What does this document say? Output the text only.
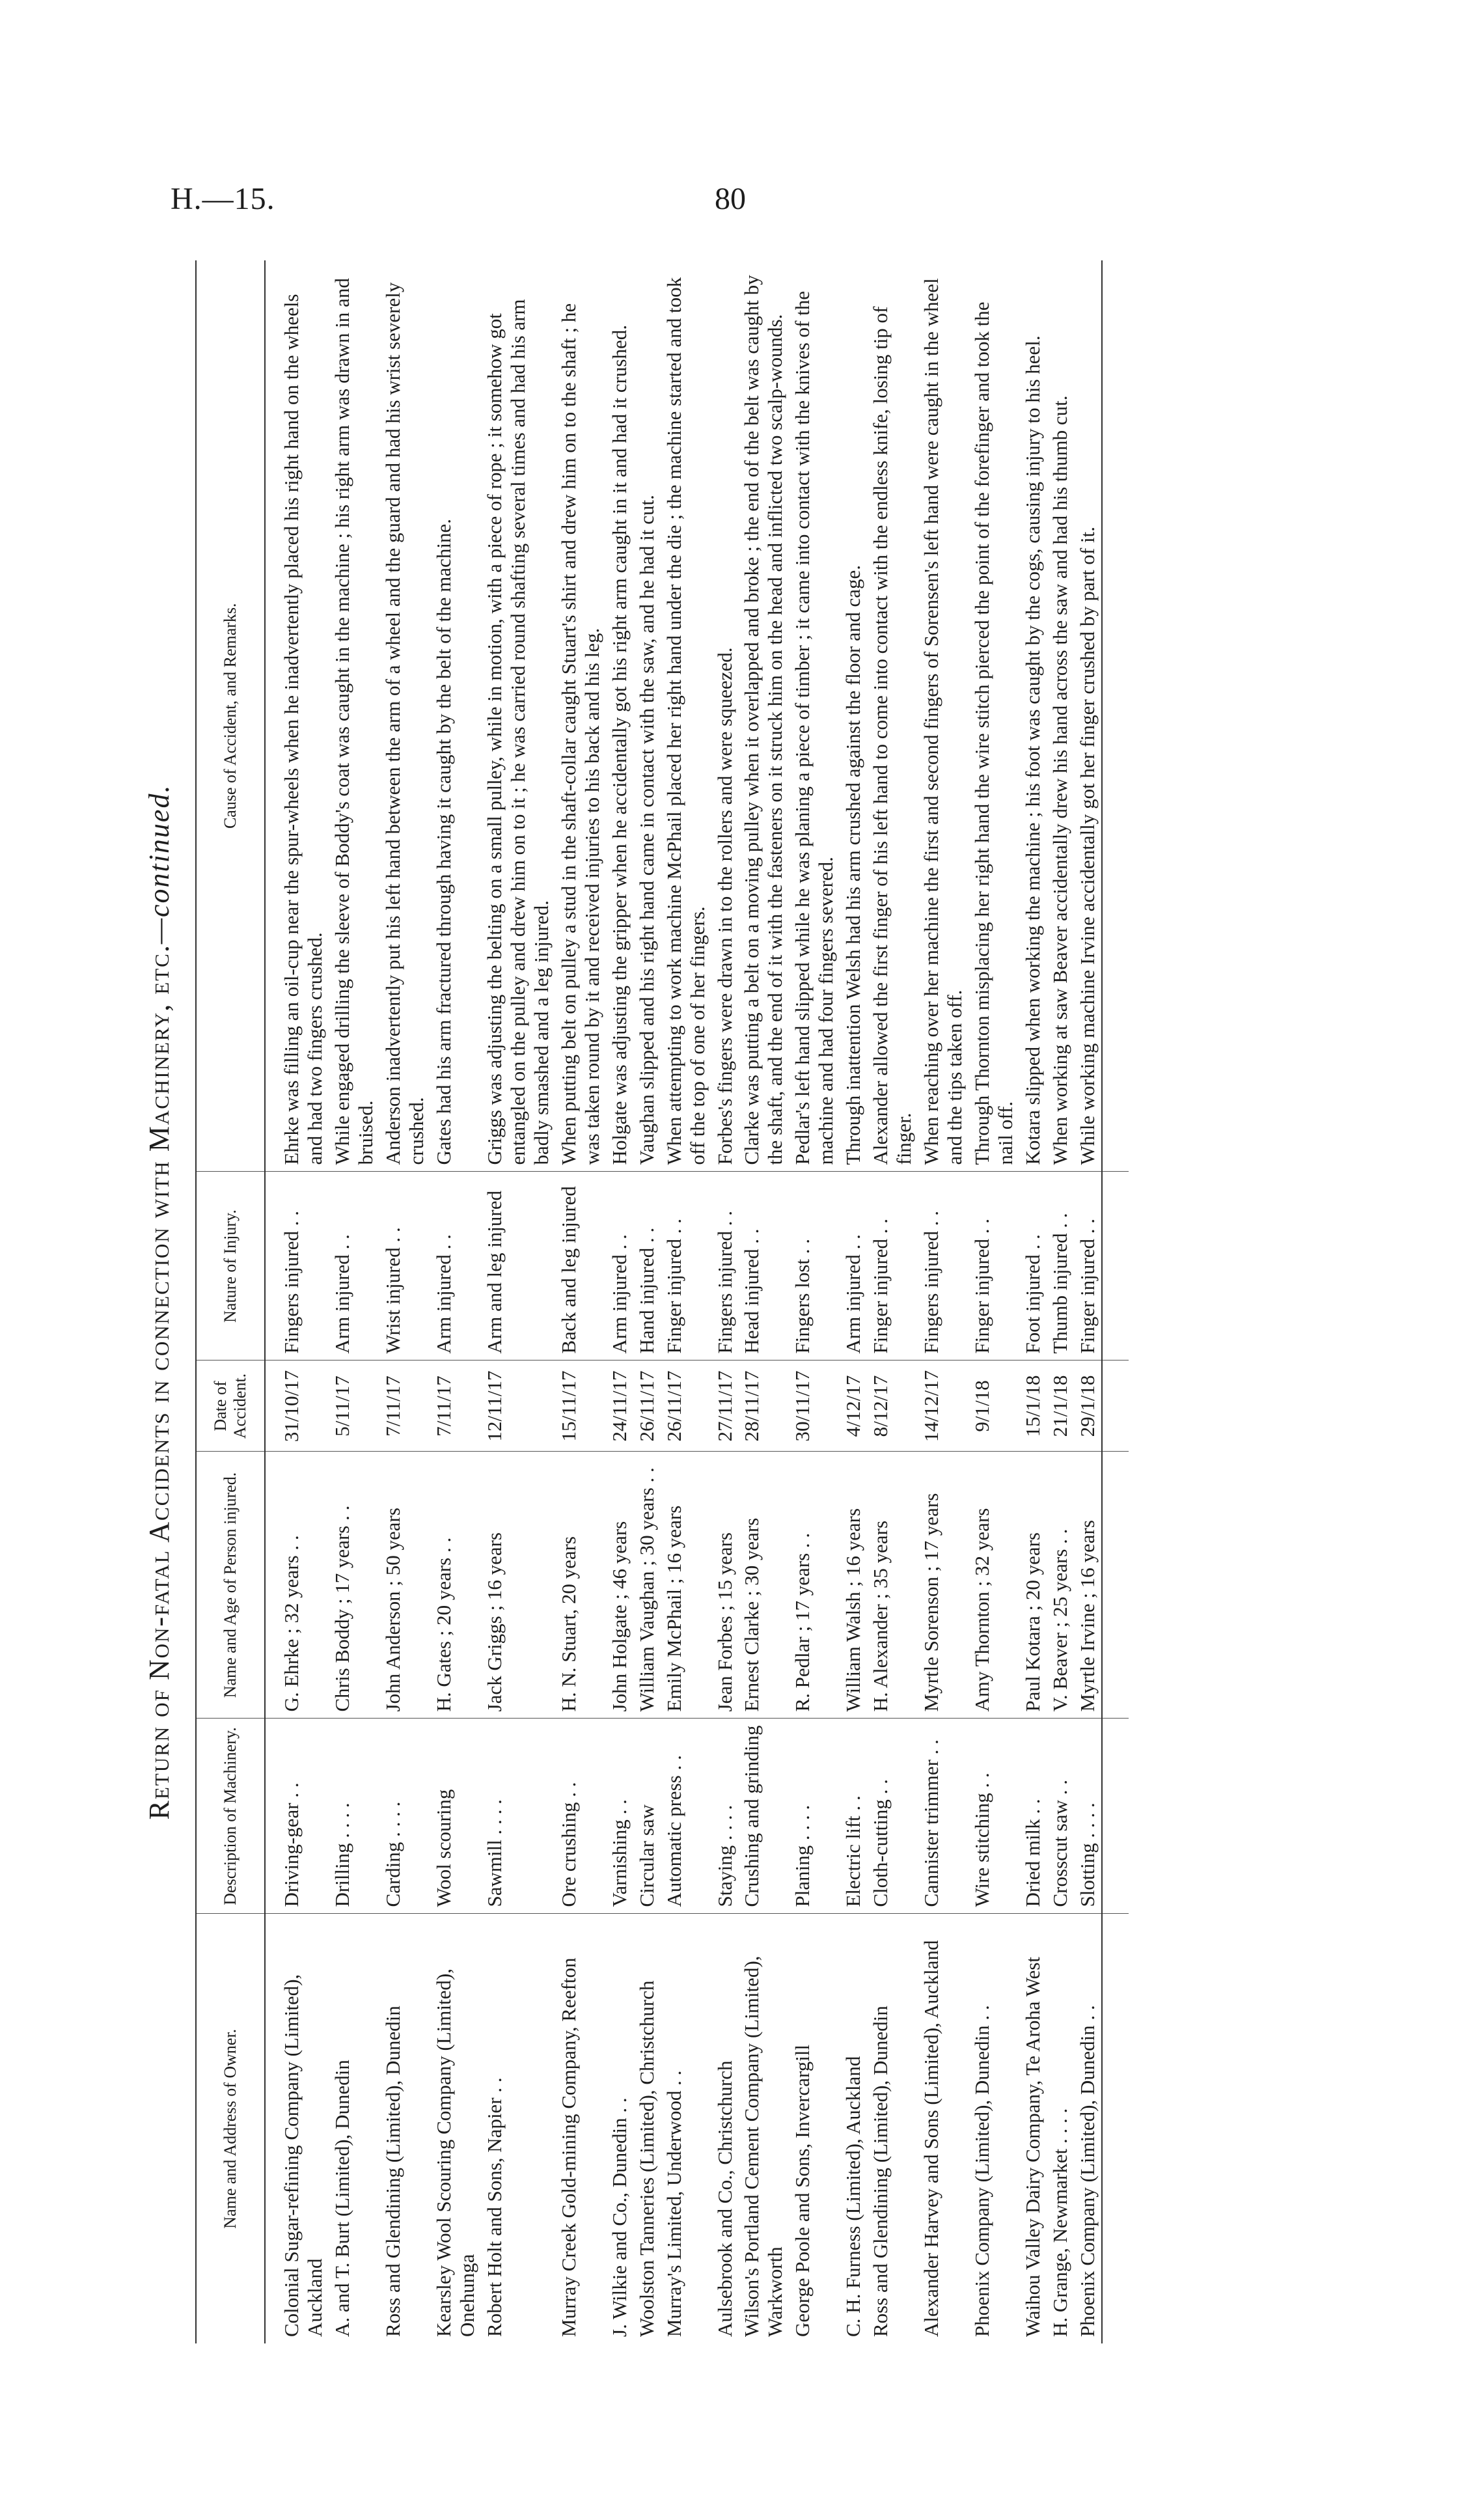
H.—15.	80
Return of Non-fatal Accidents in connection with Machinery, etc.—continued.
Name and Address of Owner.	Description of Machinery.	Name and Age of Person injured.	Date of Accident.	Nature of Injury.	Cause of Accident, and Remarks.
Colonial Sugar-refining Company (Limited), Auckland	Driving-gear . .	G. Ehrke ; 32 years . .	31/10/17	Fingers injured . .	Ehrke was filling an oil-cup near the spur-wheels when he inadvertently placed his right hand on the wheels and had two fingers crushed.
A. and T. Burt (Limited), Dunedin	Drilling . . . .	Chris Boddy ; 17 years . .	5/11/17	Arm injured . .	While engaged drilling the sleeve of Boddy's coat was caught in the machine ; his right arm was drawn in and bruised.
Ross and Glendining (Limited), Dunedin	Carding . . . .	John Anderson ; 50 years	7/11/17	Wrist injured . .	Anderson inadvertently put his left hand between the arm of a wheel and the guard and had his wrist severely crushed.
Kearsley Wool Scouring Company (Limited), Onehunga	Wool scouring	H. Gates ; 20 years . .	7/11/17	Arm injured . .	Gates had his arm fractured through having it caught by the belt of the machine.
Robert Holt and Sons, Napier . .	Sawmill . . . .	Jack Griggs ; 16 years	12/11/17	Arm and leg injured	Griggs was adjusting the belting on a small pulley, while in motion, with a piece of rope ; it somehow got entangled on the pulley and drew him on to it ; he was carried round shafting several times and had his arm badly smashed and a leg injured.
Murray Creek Gold-mining Company, Reefton	Ore crushing . .	H. N. Stuart, 20 years	15/11/17	Back and leg injured	When putting belt on pulley a stud in the shaft-collar caught Stuart's shirt and drew him on to the shaft ; he was taken round by it and received injuries to his back and his leg.
J. Wilkie and Co., Dunedin . .	Varnishing . .	John Holgate ; 46 years	24/11/17	Arm injured . .	Holgate was adjusting the gripper when he accidentally got his right arm caught in it and had it crushed.
Woolston Tanneries (Limited), Christchurch	Circular saw	William Vaughan ; 30 years . .	26/11/17	Hand injured . .	Vaughan slipped and his right hand came in contact with the saw, and he had it cut.
Murray's Limited, Underwood . .	Automatic press . .	Emily McPhail ; 16 years	26/11/17	Finger injured . .	When attempting to work machine McPhail placed her right hand under the die ; the machine started and took off the top of one of her fingers.
Aulsebrook and Co., Christchurch	Staying . . . .	Jean Forbes ; 15 years	27/11/17	Fingers injured . .	Forbes's fingers were drawn in to the rollers and were squeezed.
Wilson's Portland Cement Company (Limited), Warkworth	Crushing and grinding	Ernest Clarke ; 30 years	28/11/17	Head injured . .	Clarke was putting a belt on a moving pulley when it overlapped and broke ; the end of the belt was caught by the shaft, and the end of it with the fasteners on it struck him on the head and inflicted two scalp-wounds.
George Poole and Sons, Invercargill	Planing . . . .	R. Pedlar ; 17 years . .	30/11/17	Fingers lost . .	Pedlar's left hand slipped while he was planing a piece of timber ; it came into contact with the knives of the machine and had four fingers severed.
C. H. Furness (Limited), Auckland	Electric lift . .	William Walsh ; 16 years	4/12/17	Arm injured . .	Through inattention Welsh had his arm crushed against the floor and cage.
Ross and Glendining (Limited), Dunedin	Cloth-cutting . .	H. Alexander ; 35 years	8/12/17	Finger injured . .	Alexander allowed the first finger of his left hand to come into contact with the endless knife, losing tip of finger.
Alexander Harvey and Sons (Limited), Auckland	Cannister trimmer . .	Myrtle Sorenson ; 17 years	14/12/17	Fingers injured . .	When reaching over her machine the first and second fingers of Sorensen's left hand were caught in the wheel and the tips taken off.
Phoenix Company (Limited), Dunedin . .	Wire stitching . .	Amy Thornton ; 32 years	9/1/18	Finger injured . .	Through Thornton misplacing her right hand the wire stitch pierced the point of the forefinger and took the nail off.
Waihou Valley Dairy Company, Te Aroha West	Dried milk . .	Paul Kotara ; 20 years	15/1/18	Foot injured . .	Kotara slipped when working the machine ; his foot was caught by the cogs, causing injury to his heel.
H. Grange, Newmarket . . . .	Crosscut saw . .	V. Beaver ; 25 years . .	21/1/18	Thumb injured . .	When working at saw Beaver accidentally drew his hand across the saw and had his thumb cut.
Phoenix Company (Limited), Dunedin . .	Slotting . . . .	Myrtle Irvine ; 16 years	29/1/18	Finger injured . .	While working machine Irvine accidentally got her finger crushed by part of it.
